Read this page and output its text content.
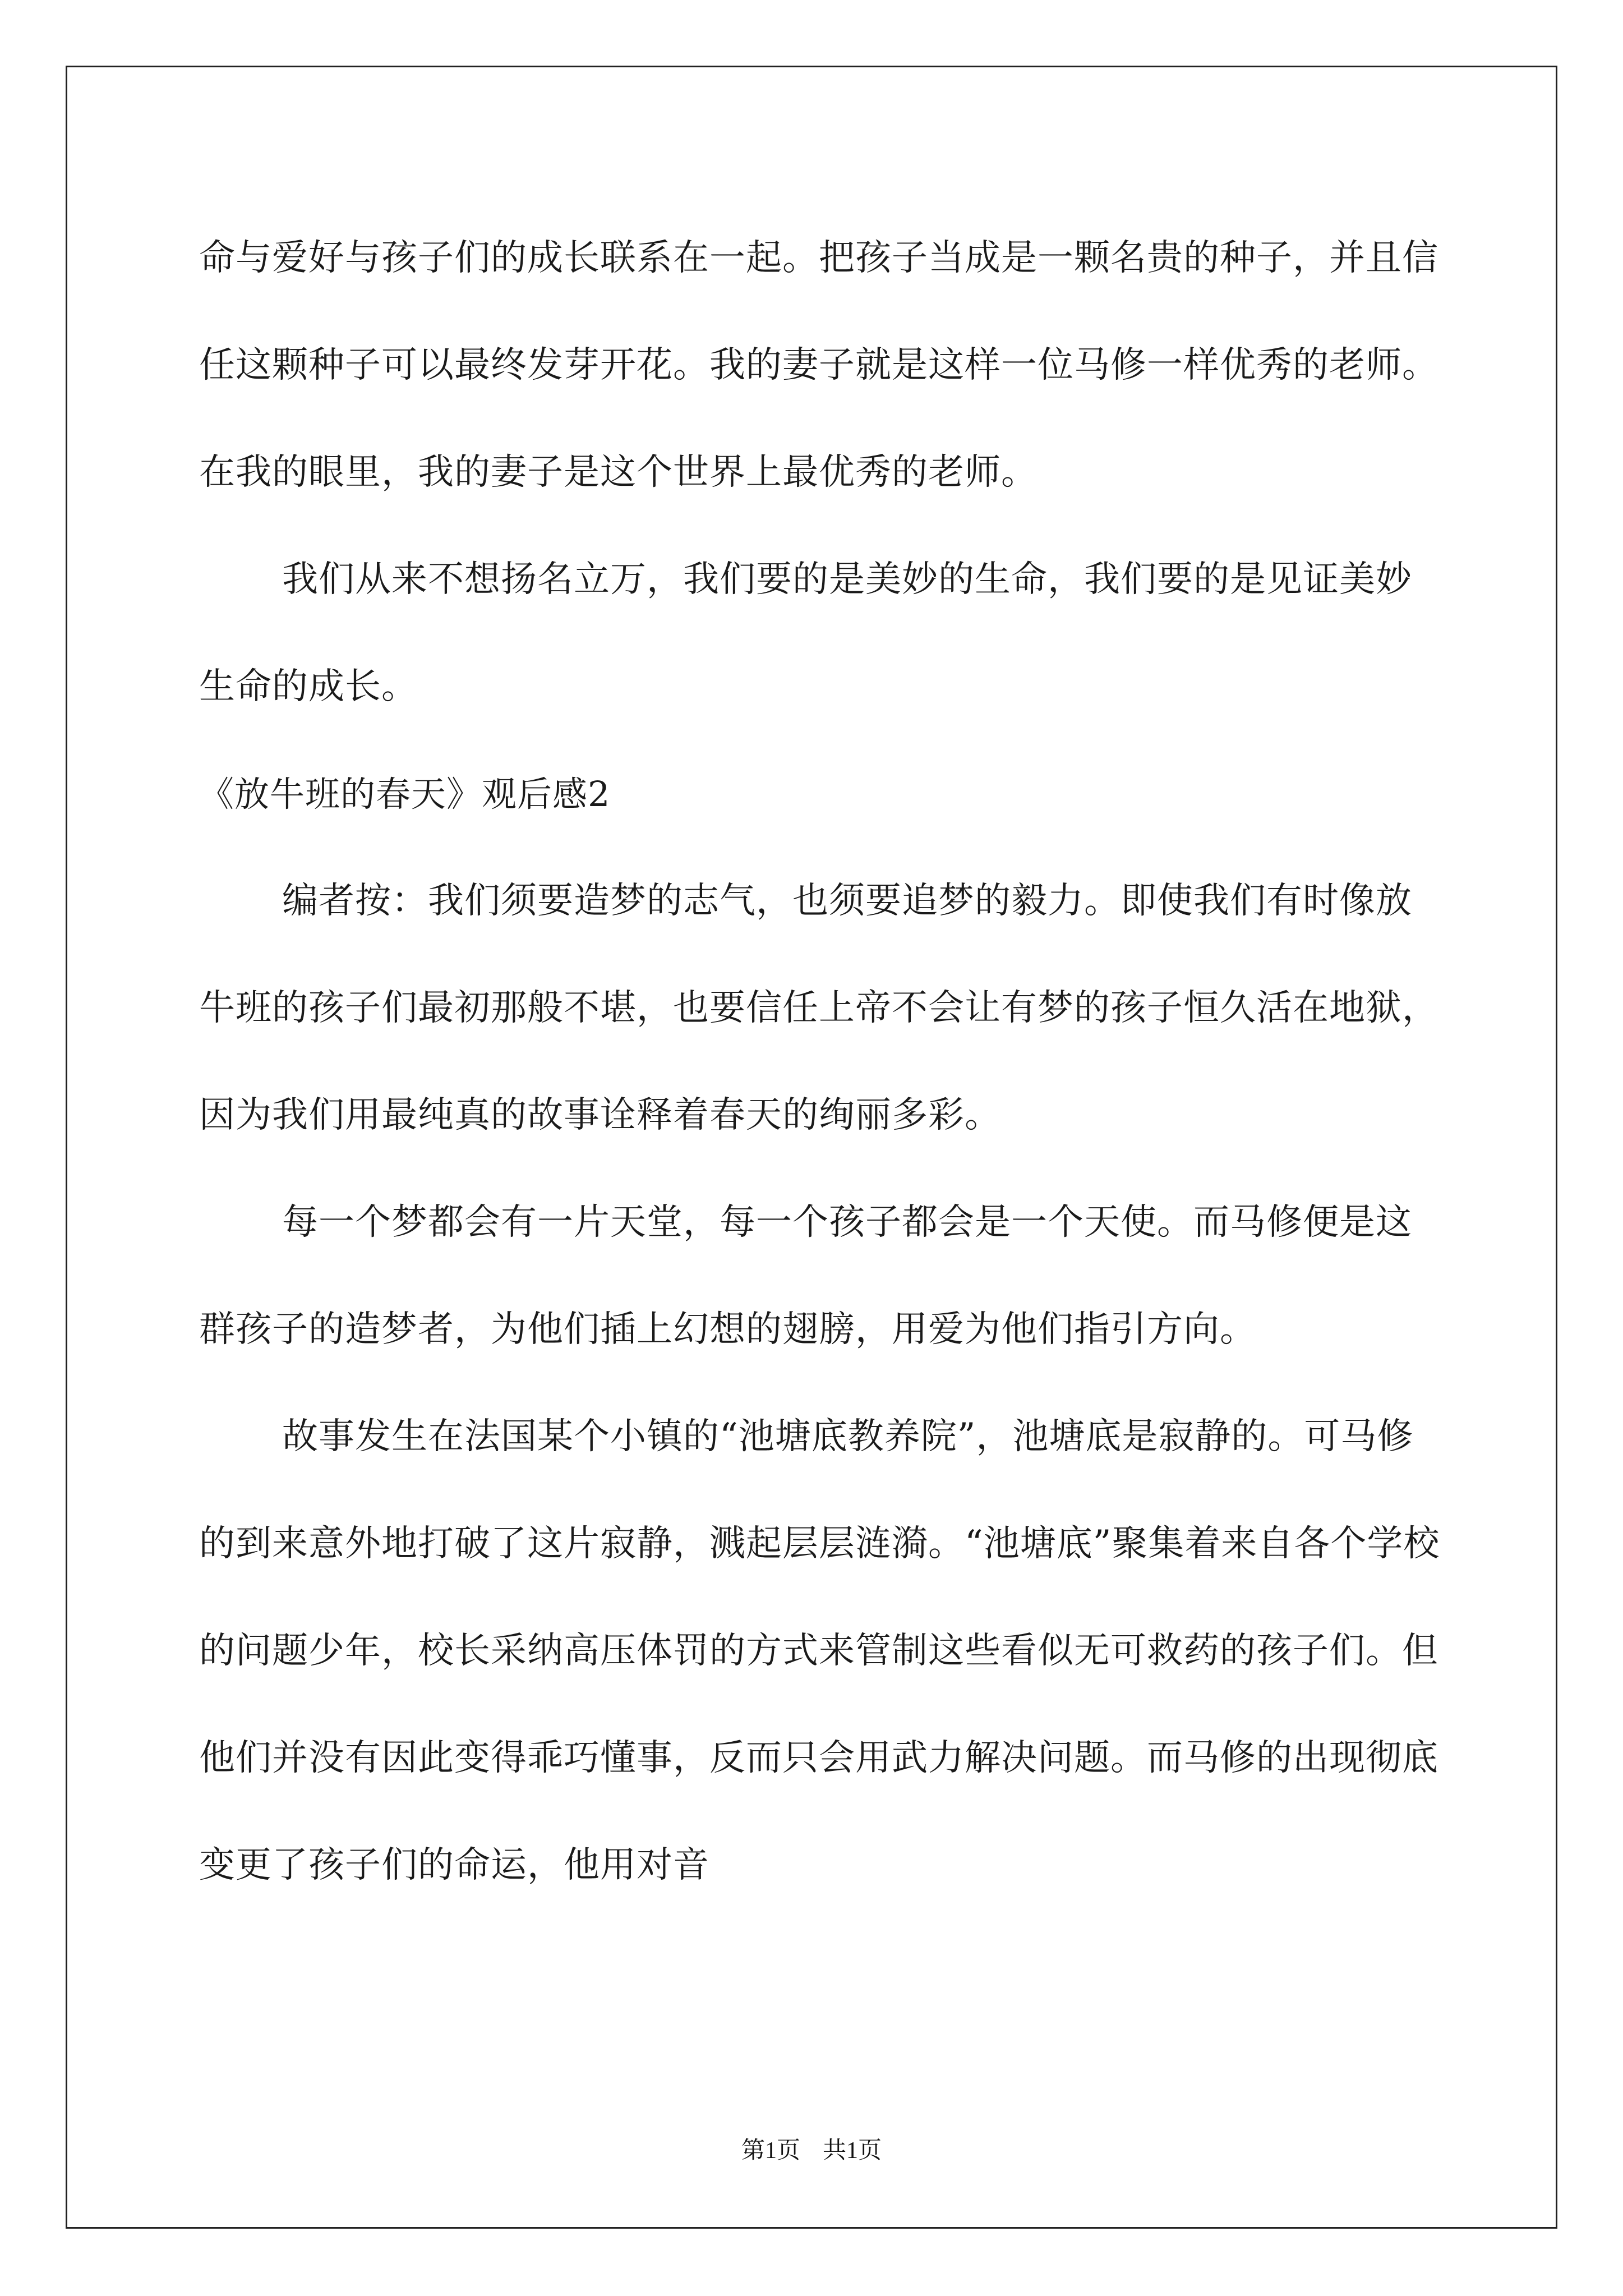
命与爱好与孩子们的成长联系在一起。把孩子当成是一颗名贵的种子，并且信任这颗种子可以最终发芽开花。我的妻子就是这样一位马修一样优秀的老师。在我的眼里，我的妻子是这个世界上最优秀的老师。

我们从来不想扬名立万，我们要的是美妙的生命，我们要的是见证美妙生命的成长。

《放牛班的春天》观后感2

编者按：我们须要造梦的志气，也须要追梦的毅力。即使我们有时像放牛班的孩子们最初那般不堪，也要信任上帝不会让有梦的孩子恒久活在地狱，因为我们用最纯真的故事诠释着春天的绚丽多彩。

每一个梦都会有一片天堂，每一个孩子都会是一个天使。而马修便是这群孩子的造梦者，为他们插上幻想的翅膀，用爱为他们指引方向。

故事发生在法国某个小镇的“池塘底教养院”，池塘底是寂静的。可马修的到来意外地打破了这片寂静，溅起层层涟漪。“池塘底”聚集着来自各个学校的问题少年，校长采纳高压体罚的方式来管制这些看似无可救药的孩子们。但他们并没有因此变得乖巧懂事，反而只会用武力解决问题。而马修的出现彻底变更了孩子们的命运，他用对音

第1页 共1页
